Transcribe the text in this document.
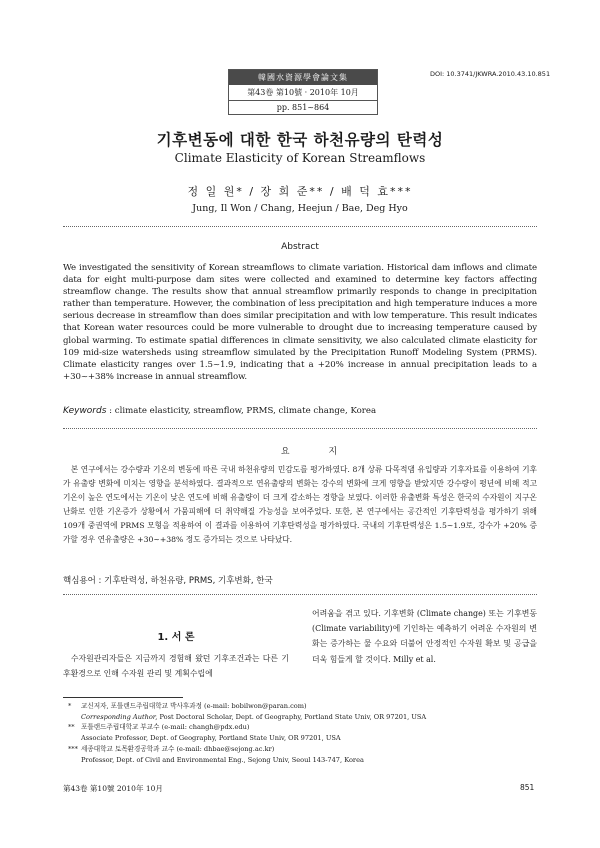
韓國水資源學會論文集
第43卷 第10號 · 2010年 10月
pp. 851~864
DOI: 10.3741/JKWRA.2010.43.10.851
기후변동에 대한 한국 하천유량의 탄력성
Climate Elasticity of Korean Streamflows
정 일 원* / 장 희 준** / 배 덕 효***
Jung, Il Won / Chang, Heejun / Bae, Deg Hyo
Abstract

We investigated the sensitivity of Korean streamflows to climate variation. Historical dam inflows and climate data for eight multi-purpose dam sites were collected and examined to determine key factors affecting streamflow change. The results show that annual streamflow primarily responds to change in precipitation rather than temperature. However, the combination of less precipitation and high temperature induces a more serious decrease in streamflow than does similar precipitation and with low temperature. This result indicates that Korean water resources could be more vulnerable to drought due to increasing temperature caused by global warming. To estimate spatial differences in climate sensitivity, we also calculated climate elasticity for 109 mid-size watersheds using streamflow simulated by the Precipitation Runoff Modeling System (PRMS). Climate elasticity ranges over 1.5~1.9, indicating that a +20% increase in annual precipitation leads to a +30~+38% increase in annual streamflow.

Keywords : climate elasticity, streamflow, PRMS, climate change, Korea
요 지

본 연구에서는 강수량과 기온의 변동에 따른 국내 하천유량의 민감도를 평가하였다. 8개 상류 다목적댐 유입량과 기후자료를 이용하여 기후가 유출량 변화에 미치는 영향을 분석하였다. 결과적으로 연유출량의 변화는 강수의 변화에 크게 영향을 받았지만 강수량이 평년에 비해 적고 기온이 높은 연도에서는 기온이 낮은 연도에 비해 유출량이 더 크게 감소하는 경향을 보였다. 이러한 유출변화 특성은 한국의 수자원이 지구온난화로 인한 기온증가 상황에서 가뭄피해에 더 취약해질 가능성을 보여주었다. 또한, 본 연구에서는 공간적인 기후탄력성을 평가하기 위해 109개 중권역에 PRMS 모형을 적용하여 이 결과를 이용하여 기후탄력성을 평가하였다. 국내의 기후탄력성은 1.5~1.9로, 강수가 +20% 증가할 경우 연유출량은 +30~+38% 정도 증가되는 것으로 나타났다.

핵심용어 : 기후탄력성, 하천유량, PRMS, 기후변화, 한국
1. 서 론

수자원관리자들은 지금까지 경험해 왔던 기후조건과는 다른 기후환경으로 인해 수자원 관리 및 계획수립에

어려움을 겪고 있다. 기후변화 (Climate change) 또는 기후변동 (Climate variability)에 기인하는 예측하기 어려운 수자원의 변화는 증가하는 물 수요와 더불어 안정적인 수자원 확보 및 공급을 더욱 힘들게 할 것이다. Milly et al.

* 교신저자, 포틀랜드주립대학교 박사후과정 (e-mail: bobilwon@paran.com)
Corresponding Author, Post Doctoral Scholar, Dept. of Geography, Portland State Univ, OR 97201, USA
** 포틀랜드주립대학교 부교수 (e-mail: changh@pdx.edu)
Associate Professor, Dept. of Geography, Portland State Univ, OR 97201, USA
*** 세종대학교 토목환경공학과 교수 (e-mail: dhbae@sejong.ac.kr)
Professor, Dept. of Civil and Environmental Eng., Sejong Univ, Seoul 143-747, Korea
第43卷 第10號 2010年 10月	851
